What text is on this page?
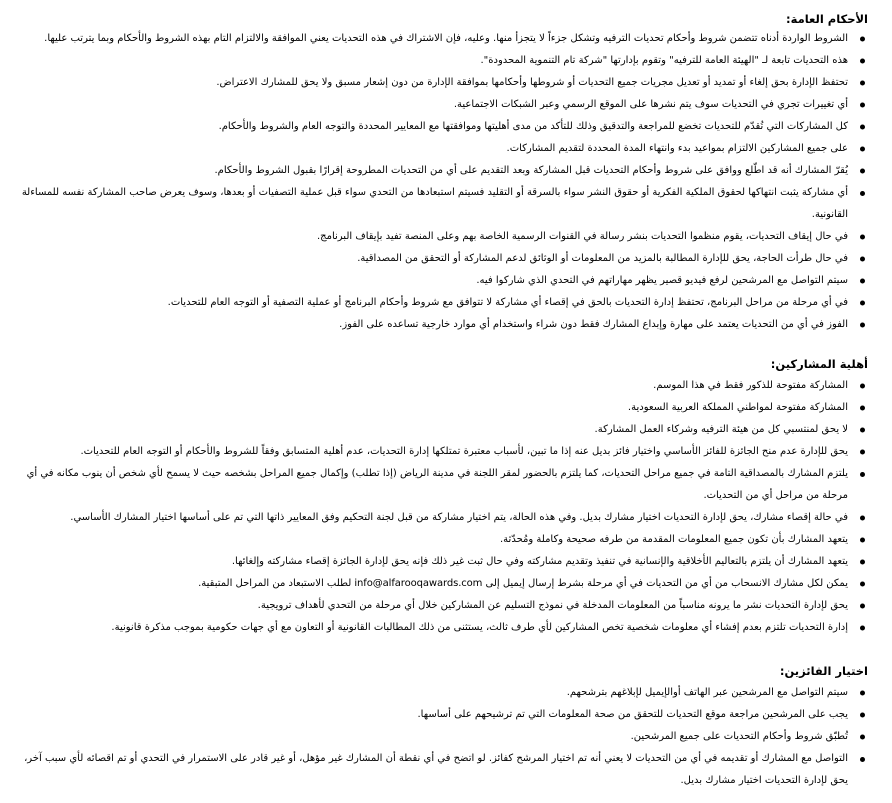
الأحكام العامة:
الشروط الواردة أدناه تتضمن شروط وأحكام تحديات الترفيه وتشكل جزءاً لا يتجزأ منها. وعليه، فإن الاشتراك في هذه التحديات يعني الموافقة والالتزام التام بهذه الشروط والأحكام وبما يترتب عليها.
هذه التحديات تابعة لـ "الهيئة العامة للترفيه" وتقوم بإدارتها "شركة تام التنموية المحدودة".
تحتفظ الإدارة بحق إلغاء أو تمديد أو تعديل مجريات جميع التحديات أو شروطها وأحكامها بموافقة الإدارة من دون إشعار مسبق ولا يحق للمشارك الاعتراض.
أي تغييرات تجري في التحديات سوف يتم نشرها على الموقع الرسمي وعبر الشبكات الاجتماعية.
كل المشاركات التي تُقدّم للتحديات تخضع للمراجعة والتدقيق وذلك للتأكد من مدى أهليتها وموافقتها مع المعايير المحددة والتوجه العام والشروط والأحكام.
على جميع المشاركين الالتزام بمواعيد بدء وانتهاء المدة المحددة لتقديم المشاركات.
يُقرّ المشارك أنه قد اطّلع ووافق على شروط وأحكام التحديات قبل المشاركة وبعد التقديم على أي من التحديات المطروحة إقرارًا بقبول الشروط والأحكام.
أي مشاركة يثبت انتهاكها لحقوق الملكية الفكرية أو حقوق النشر سواء بالسرقة أو التقليد فسيتم استبعادها من التحدي سواء قبل عملية التصفيات أو بعدها، وسوف يعرض صاحب المشاركة نفسه للمساءلة القانونية.
في حال إيقاف التحديات، يقوم منظموا التحديات بنشر رسالة في القنوات الرسمية الخاصة بهم وعلى المنصة تفيد بإيقاف البرنامج.
في حال طرأت الحاجة، يحق للإدارة المطالبة بالمزيد من المعلومات أو الوثائق لدعم المشاركة أو التحقق من المصداقية.
سيتم التواصل مع المرشحين لرفع فيديو قصير يظهر مهاراتهم في التحدي الذي شاركوا فيه.
في أي مرحلة من مراحل البرنامج، تحتفظ إدارة التحديات بالحق في إقصاء أي مشاركة لا تتوافق مع شروط وأحكام البرنامج أو عملية التصفية أو التوجه العام للتحديات.
الفوز في أي من التحديات يعتمد على مهارة وإبداع المشارك فقط دون شراء واستخدام أي موارد خارجية تساعده على الفوز.
أهلية المشاركين:
المشاركة مفتوحة للذكور فقط في هذا الموسم.
المشاركة مفتوحة لمواطني المملكة العربية السعودية.
لا يحق لمنتسبي كل من هيئة الترفيه وشركاء العمل المشاركة.
يحق للإدارة عدم منح الجائزة للفائز الأساسي واختيار فائز بديل عنه إذا ما تبين، لأسباب معتبرة تمتلكها إدارة التحديات، عدم أهلية المتسابق وفقاً للشروط والأحكام أو التوجه العام للتحديات.
يلتزم المشارك بالمصداقية التامة في جميع مراحل التحديات، كما يلتزم بالحضور لمقر اللجنة في مدينة الرياض (إذا تطلب) وإكمال جميع المراحل بشخصه حيث لا يسمح لأي شخص أن ينوب مكانه في أي مرحلة من مراحل أي من التحديات.
في حالة إقصاء مشارك، يحق لإدارة التحديات اختيار مشارك بديل. وفي هذه الحالة، يتم اختيار مشاركة من قبل لجنة التحكيم وفق المعايير ذاتها التي تم على أساسها اختيار المشارك الأساسي.
يتعهد المشارك بأن تكون جميع المعلومات المقدمة من طرفه صحيحة وكاملة ومُحدّثة.
يتعهد المشارك أن يلتزم بالتعاليم الأخلاقية والإنسانية في تنفيذ وتقديم مشاركته وفي حال ثبت غير ذلك فإنه يحق لإدارة الجائزة إقصاء مشاركته وإلغائها.
يمكن لكل مشارك الانسحاب من أي من التحديات في أي مرحلة بشرط إرسال إيميل إلى info@alfarooqawards.com لطلب الاستبعاد من المراحل المتبقية.
يحق لإدارة التحديات نشر ما يرونه مناسباً من المعلومات المدخلة في نموذج التسليم عن المشاركين خلال أي مرحلة من التحدي لأهداف ترويجية.
إدارة التحديات تلتزم بعدم إفشاء أي معلومات شخصية تخص المشاركين لأي طرف ثالث، يستثنى من ذلك المطالبات القانونية أو التعاون مع أي جهات حكومية بموجب مذكرة قانونية.
اختيار الفائزين:
سيتم التواصل مع المرشحين عبر الهاتف أوالإيميل لإبلاغهم بترشحهم.
يجب على المرشحين مراجعة موقع التحديات للتحقق من صحة المعلومات التي تم ترشيحهم على أساسها.
تُطبّق شروط وأحكام التحديات على جميع المرشحين.
التواصل مع المشارك أو تقديمه في أي من التحديات لا يعني أنه تم اختيار المرشح كفائز. لو اتضح في أي نقطة أن المشارك غير مؤهل، أو غير قادر على الاستمرار في التحدي أو تم اقصائه لأي سبب آخر، يحق لإدارة التحديات اختيار مشارك بديل.
